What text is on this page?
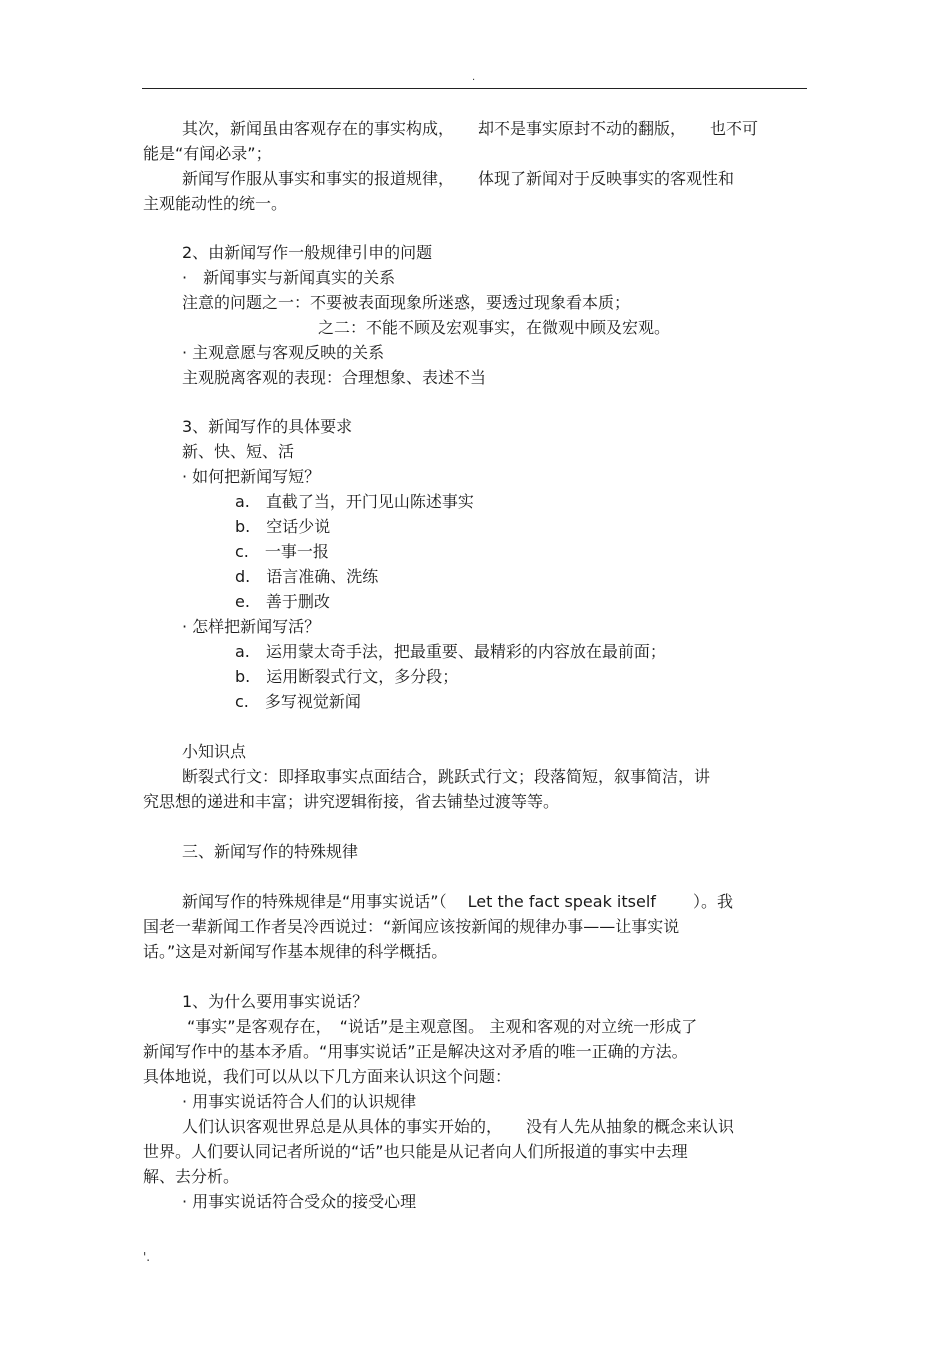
.
其次，新闻虽由客观存在的事实构成，　　却不是事实原封不动的翻版，　　也不可
能是“有闻必录”；
新闻写作服从事实和事实的报道规律，　　体现了新闻对于反映事实的客观性和
主观能动性的统一。
2、由新闻写作一般规律引申的问题
·　新闻事实与新闻真实的关系
注意的问题之一：不要被表面现象所迷惑，要透过现象看本质；
之二：不能不顾及宏观事实，在微观中顾及宏观。
· 主观意愿与客观反映的关系
主观脱离客观的表现：合理想象、表述不当
3、新闻写作的具体要求
新、快、短、活
· 如何把新闻写短？
a.　直截了当，开门见山陈述事实
b.　空话少说
c.　一事一报
d.　语言准确、洗练
e.　善于删改
· 怎样把新闻写活？
a.　运用蒙太奇手法，把最重要、最精彩的内容放在最前面；
b.　运用断裂式行文，多分段；
c.　多写视觉新闻
小知识点
断裂式行文：即择取事实点面结合，跳跃式行文；段落简短，叙事简洁，讲
究思想的递进和丰富；讲究逻辑衔接，省去铺垫过渡等等。
三、新闻写作的特殊规律
新闻写作的特殊规律是“用事实说话”（　 Let the fact speak itself　　 ）。我
国老一辈新闻工作者吴冷西说过：“新闻应该按新闻的规律办事——让事实说
话。”这是对新闻写作基本规律的科学概括。
1、为什么要用事实说话？
“事实”是客观存在，　“说话”是主观意图。 主观和客观的对立统一形成了
新闻写作中的基本矛盾。“用事实说话”正是解决这对矛盾的唯一正确的方法。
具体地说，我们可以从以下几方面来认识这个问题：
· 用事实说话符合人们的认识规律
人们认识客观世界总是从具体的事实开始的，　　没有人先从抽象的概念来认识
世界。人们要认同记者所说的“话”也只能是从记者向人们所报道的事实中去理
解、去分析。
· 用事实说话符合受众的接受心理
'.
